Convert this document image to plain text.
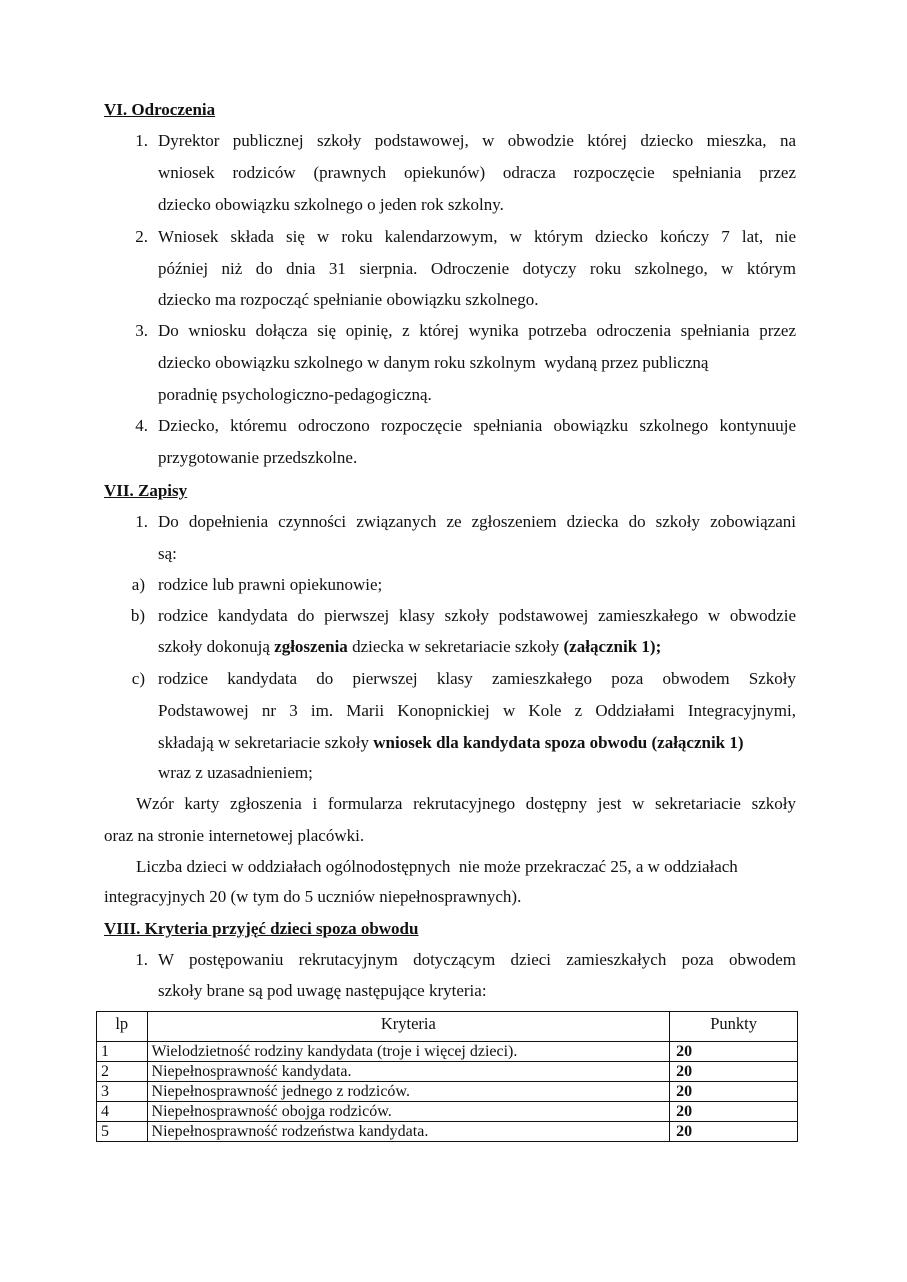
VI. Odroczenia
1. Dyrektor publicznej szkoły podstawowej, w obwodzie której dziecko mieszka, na
wniosek rodziców (prawnych opiekunów) odracza rozpoczęcie spełniania przez
dziecko obowiązku szkolnego o jeden rok szkolny.
2. Wniosek składa się w roku kalendarzowym, w którym dziecko kończy 7 lat, nie
później niż do dnia 31 sierpnia. Odroczenie dotyczy roku szkolnego, w którym
dziecko ma rozpocząć spełnianie obowiązku szkolnego.
3. Do wniosku dołącza się opinię, z której wynika potrzeba odroczenia spełniania przez
dziecko obowiązku szkolnego w danym roku szkolnym  wydaną przez publiczną
poradnię psychologiczno-pedagogiczną.
4. Dziecko, któremu odroczono rozpoczęcie spełniania obowiązku szkolnego kontynuuje
przygotowanie przedszkolne.
VII. Zapisy
1. Do dopełnienia czynności związanych ze zgłoszeniem dziecka do szkoły zobowiązani
są:
a) rodzice lub prawni opiekunowie;
b) rodzice kandydata do pierwszej klasy szkoły podstawowej zamieszkałego w obwodzie
szkoły dokonują zgłoszenia dziecka w sekretariacie szkoły (załącznik 1);
c) rodzice kandydata do pierwszej klasy zamieszkałego poza obwodem Szkoły
Podstawowej nr 3 im. Marii Konopnickiej w Kole z Oddziałami Integracyjnymi,
składają w sekretariacie szkoły wniosek dla kandydata spoza obwodu (załącznik 1)
wraz z uzasadnieniem;
Wzór karty zgłoszenia i formularza rekrutacyjnego dostępny jest w sekretariacie szkoły
oraz na stronie internetowej placówki.
Liczba dzieci w oddziałach ogólnodostępnych  nie może przekraczać 25, a w oddziałach
integracyjnych 20 (w tym do 5 uczniów niepełnosprawnych).
VIII. Kryteria przyjęć dzieci spoza obwodu
1. W postępowaniu rekrutacyjnym dotyczącym dzieci zamieszkałych poza obwodem
szkoły brane są pod uwagę następujące kryteria:
lp	Kryteria	Punkty
1	Wielodzietność rodziny kandydata (troje i więcej dzieci).	20
2	Niepełnosprawność kandydata.	20
3	Niepełnosprawność jednego z rodziców.	20
4	Niepełnosprawność obojga rodziców.	20
5	Niepełnosprawność rodzeństwa kandydata.	20
